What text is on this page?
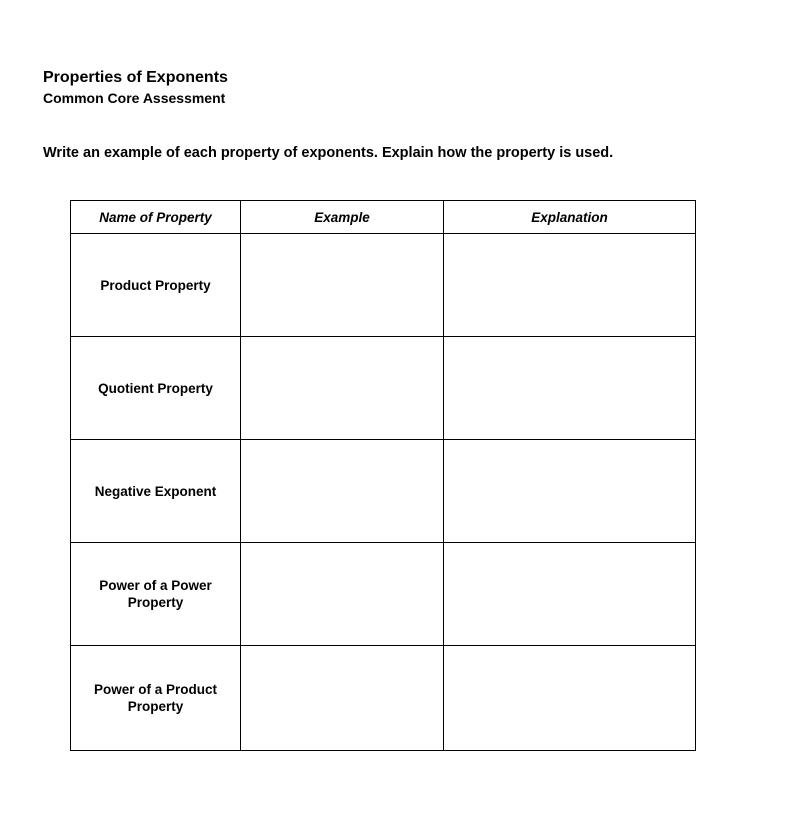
Properties of Exponents
Common Core Assessment
Write an example of each property of exponents. Explain how the property is used.
Name of Property	Example	Explanation
Product Property		
Quotient Property		
Negative Exponent		
Power of a Power Property		
Power of a Product Property		
